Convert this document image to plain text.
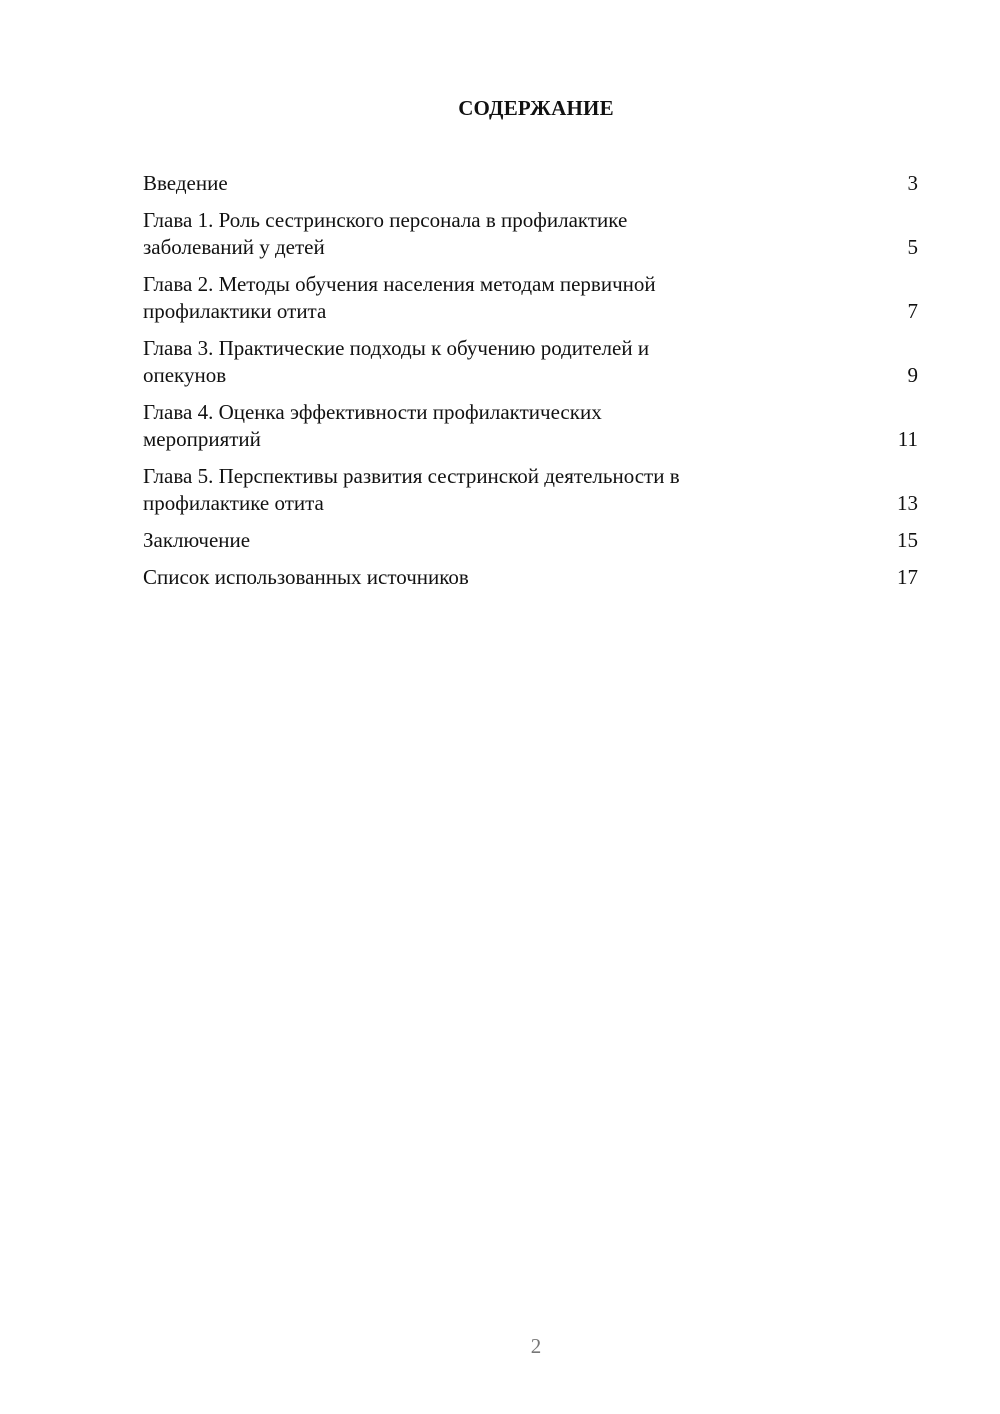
СОДЕРЖАНИЕ
Введение	3
Глава 1. Роль сестринского персонала в профилактике
заболеваний у детей	5
Глава 2. Методы обучения населения методам первичной
профилактики отита	7
Глава 3. Практические подходы к обучению родителей и
опекунов	9
Глава 4. Оценка эффективности профилактических
мероприятий	11
Глава 5. Перспективы развития сестринской деятельности в
профилактике отита	13
Заключение	15
Список использованных источников	17
2
